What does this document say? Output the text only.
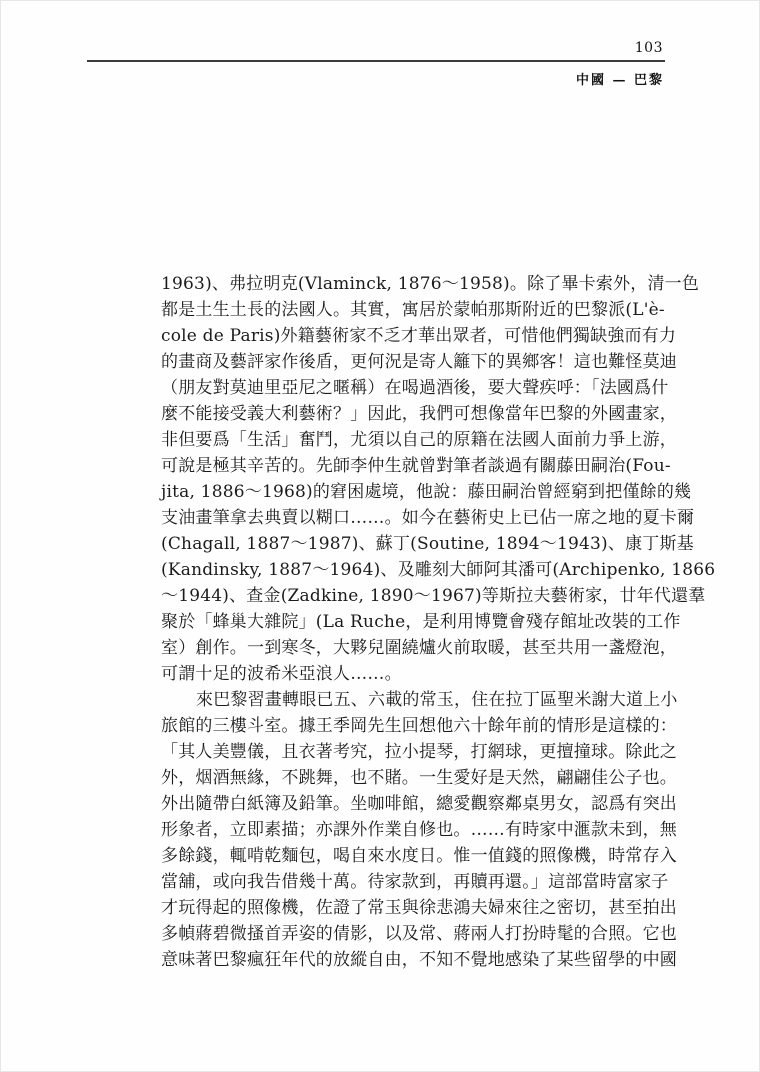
103
中國 — 巴黎
1963)、弗拉明克(Vlaminck, 1876～1958)。除了畢卡索外，清一色
都是土生土長的法國人。其實，寓居於蒙帕那斯附近的巴黎派(L'è-
cole de Paris)外籍藝術家不乏才華出眾者，可惜他們獨缺強而有力
的畫商及藝評家作後盾，更何況是寄人籬下的異鄉客！這也難怪莫迪
（朋友對莫迪里亞尼之暱稱）在喝過酒後，要大聲疾呼：「法國爲什
麼不能接受義大利藝術？」因此，我們可想像當年巴黎的外國畫家，
非但要爲「生活」奮鬥，尤須以自己的原籍在法國人面前力爭上游，
可說是極其辛苦的。先師李仲生就曾對筆者談過有關藤田嗣治(Fou-
jita, 1886～1968)的窘困處境，他說：藤田嗣治曾經窮到把僅餘的幾
支油畫筆拿去典賣以糊口……。如今在藝術史上已佔一席之地的夏卡爾
(Chagall, 1887～1987)、蘇丁(Soutine, 1894～1943)、康丁斯基
(Kandinsky, 1887～1964)、及雕刻大師阿其潘可(Archipenko, 1866
～1944)、查金(Zadkine, 1890～1967)等斯拉夫藝術家，廿年代還羣
聚於「蜂巢大雜院」(La Ruche，是利用博覽會殘存館址改裝的工作
室）創作。一到寒冬，大夥兒圍繞爐火前取暖，甚至共用一盞燈泡，
可謂十足的波希米亞浪人……。
來巴黎習畫轉眼已五、六載的常玉，住在拉丁區聖米謝大道上小
旅館的三樓斗室。據王季岡先生回想他六十餘年前的情形是這樣的：
「其人美豐儀，且衣著考究，拉小提琴，打網球，更擅撞球。除此之
外，烟酒無緣，不跳舞，也不賭。一生愛好是天然，翩翩佳公子也。
外出隨帶白紙簿及鉛筆。坐咖啡館，總愛觀察鄰桌男女，認爲有突出
形象者，立即素描；亦課外作業自修也。……有時家中滙款未到，無
多餘錢，輒啃乾麵包，喝自來水度日。惟一值錢的照像機，時常存入
當舖，或向我告借幾十萬。待家款到，再贖再還。」這部當時富家子
才玩得起的照像機，佐證了常玉與徐悲鴻夫婦來往之密切，甚至拍出
多幀蔣碧微搔首弄姿的倩影，以及常、蔣兩人打扮時髦的合照。它也
意味著巴黎瘋狂年代的放縱自由，不知不覺地感染了某些留學的中國
